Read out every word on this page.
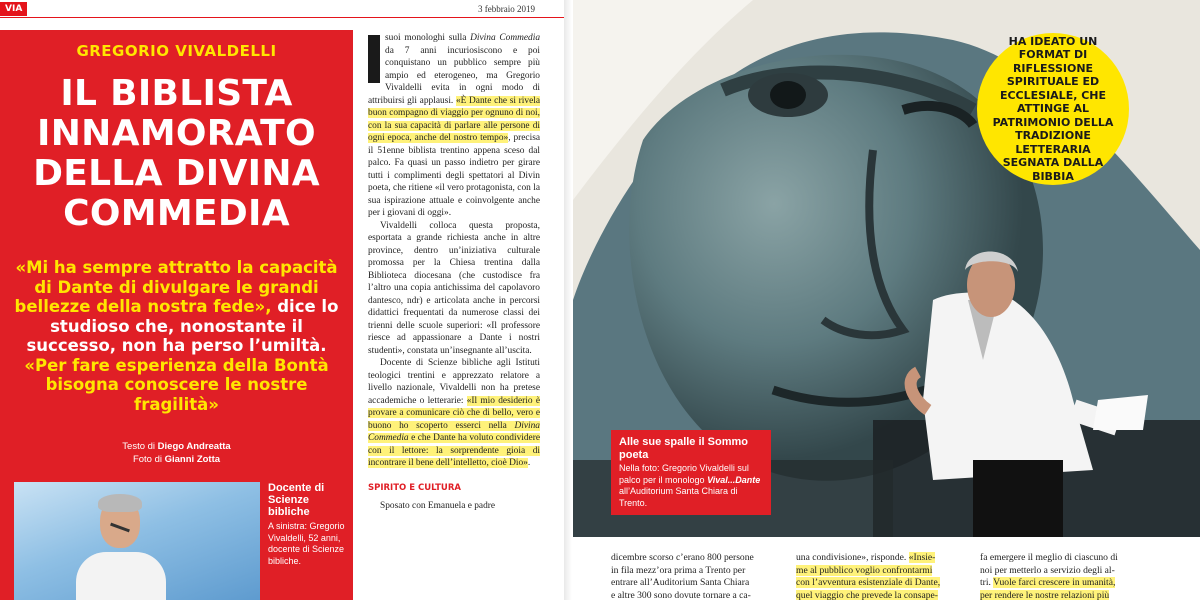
VIA	3 febbraio 2019
GREGORIO VIVALDELLI
IL BIBLISTA
INNAMORATO
DELLA DIVINA
COMMEDIA
«Mi ha sempre attratto la capacità di Dante di divulgare le grandi bellezze della nostra fede», dice lo studioso che, nonostante il successo, non ha perso l’umiltà. «Per fare esperienza della Bontà bisogna conoscere le nostre fragilità»
Testo di Diego Andreatta
Foto di Gianni Zotta
Docente di Scienze bibliche
A sinistra: Gregorio Vivaldelli, 52 anni, docente di Scienze bibliche.

suoi monologhi sulla Divina Commedia da 7 anni incuriosiscono e poi conquistano un pubblico sempre più ampio ed eterogeneo, ma Gregorio Vivaldelli evita in ogni modo di attribuirsi gli applausi. «È Dante che si rivela buon compagno di viaggio per ognuno di noi, con la sua capacità di parlare alle persone di ogni epoca, anche del nostro tempo», precisa il 51enne biblista trentino appena sceso dal palco. Fa quasi un passo indietro per girare tutti i complimenti degli spettatori al Divin poeta, che ritiene «il vero protagonista, con la sua ispirazione attuale e coinvolgente anche per i giovani di oggi».

Vivaldelli colloca questa proposta, esportata a grande richiesta anche in altre province, dentro un’iniziativa culturale promossa per la Chiesa trentina dalla Biblioteca diocesana (che custodisce fra l’altro una copia antichissima del capolavoro dantesco, ndr) e articolata anche in percorsi didattici frequentati da numerose classi dei trienni delle scuole superiori: «Il professore riesce ad appassionare a Dante i nostri studenti», constata un’insegnante all’uscita.

Docente di Scienze bibliche agli Istituti teologici trentini e apprezzato relatore a livello nazionale, Vivaldelli non ha pretese accademiche o letterarie: «Il mio desiderio è provare a comunicare ciò che di bello, vero e buono ho scoperto esserci nella Divina Commedia e che Dante ha voluto condividere con il lettore: la sorprendente gioia di incontrare il bene dell’intelletto, cioè Dio».

SPIRITO E CULTURA

Sposato con Emanuela e padre

HA IDEATO UN FORMAT DI RIFLESSIONE SPIRITUALE ED ECCLESIALE, CHE ATTINGE AL PATRIMONIO DELLA TRADIZIONE LETTERARIA SEGNATA DALLA BIBBIA
Alle sue spalle il Sommo poeta
Nella foto: Gregorio Vivaldelli sul palco per il monologo Vival...Dante all’Auditorium Santa Chiara di Trento.
dicembre scorso c’erano 800 persone
in fila mezz’ora prima a Trento per
entrare all’Auditorium Santa Chiara
e altre 300 sono dovute tornare a ca-
una condivisione», risponde. «Insie-
me al pubblico voglio confrontarmi
con l’avventura esistenziale di Dante,
quel viaggio che prevede la consape-
fa emergere il meglio di ciascuno di
noi per metterlo a servizio degli al-
tri. Vuole farci crescere in umanità,
per rendere le nostre relazioni più
